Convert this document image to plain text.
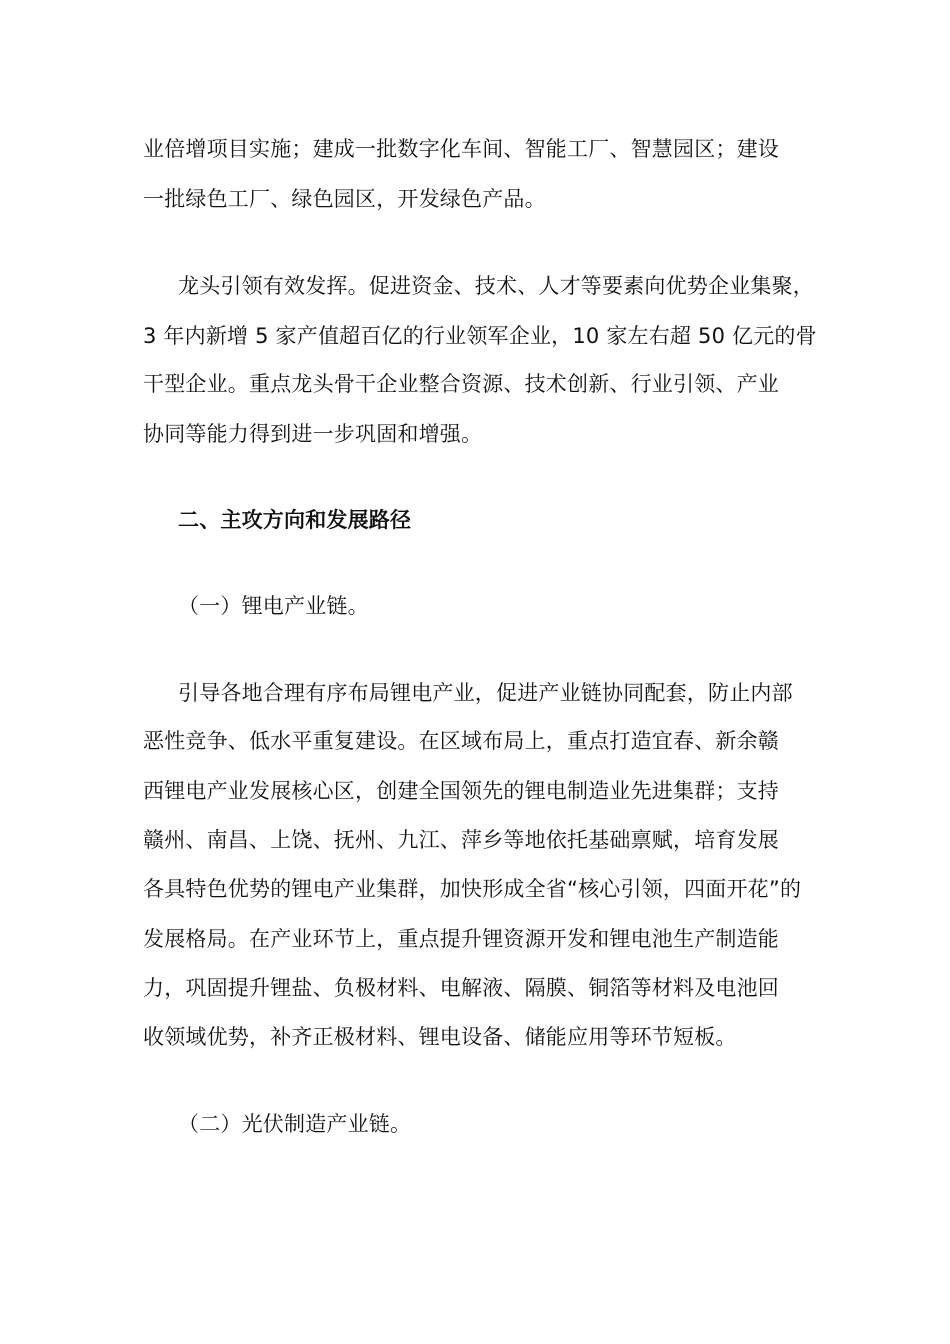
业倍增项目实施；建成一批数字化车间、智能工厂、智慧园区；建设
一批绿色工厂、绿色园区，开发绿色产品。
龙头引领有效发挥。促进资金、技术、人才等要素向优势企业集聚，
3 年内新增 5 家产值超百亿的行业领军企业，10 家左右超 50 亿元的骨
干型企业。重点龙头骨干企业整合资源、技术创新、行业引领、产业
协同等能力得到进一步巩固和增强。
二、主攻方向和发展路径
（一）锂电产业链。
引导各地合理有序布局锂电产业，促进产业链协同配套，防止内部
恶性竞争、低水平重复建设。在区域布局上，重点打造宜春、新余赣
西锂电产业发展核心区，创建全国领先的锂电制造业先进集群；支持
赣州、南昌、上饶、抚州、九江、萍乡等地依托基础禀赋，培育发展
各具特色优势的锂电产业集群，加快形成全省“核心引领，四面开花”的
发展格局。在产业环节上，重点提升锂资源开发和锂电池生产制造能
力，巩固提升锂盐、负极材料、电解液、隔膜、铜箔等材料及电池回
收领域优势，补齐正极材料、锂电设备、储能应用等环节短板。
（二）光伏制造产业链。
